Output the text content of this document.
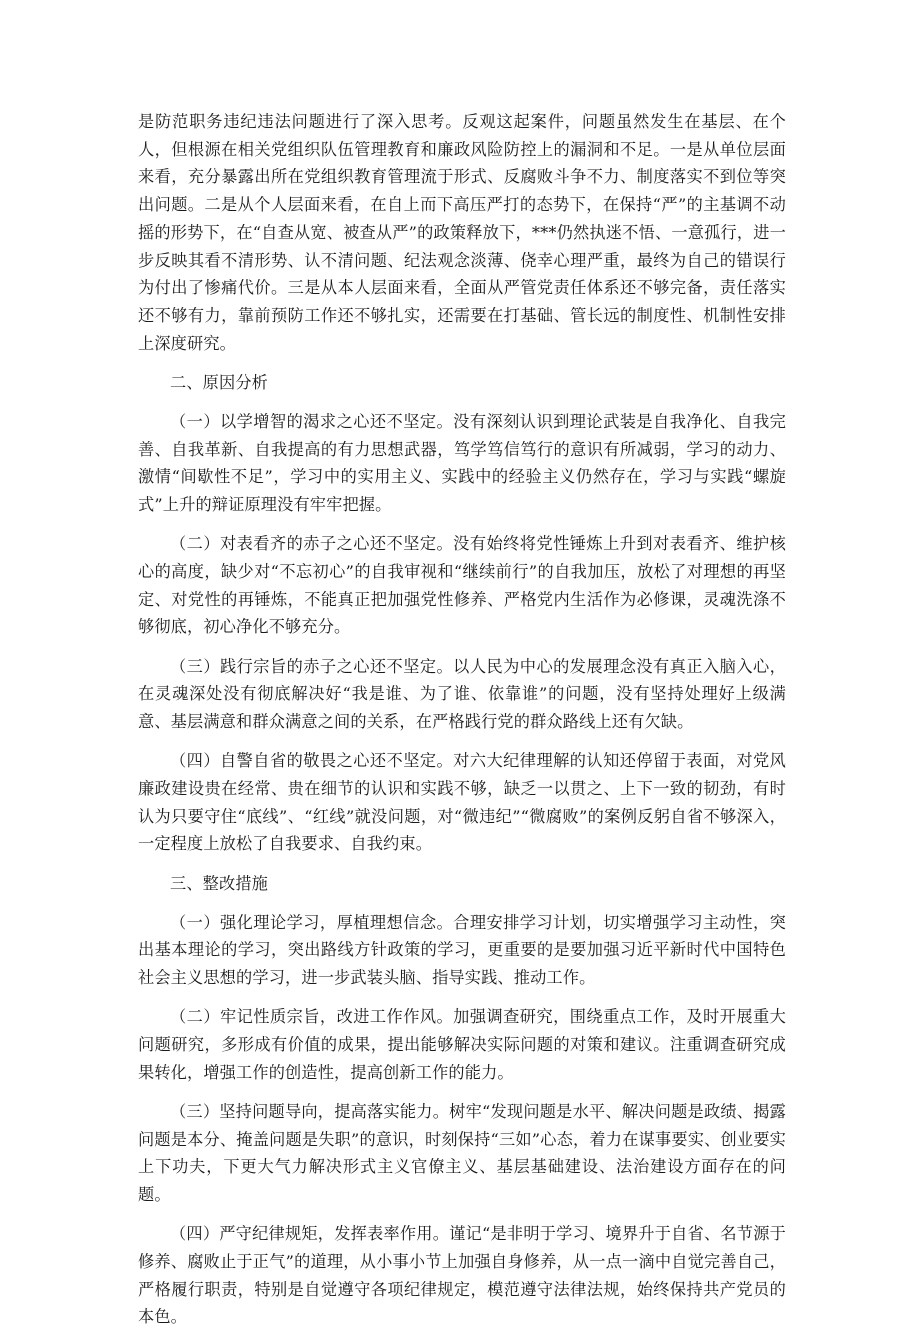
是防范职务违纪违法问题进行了深入思考。反观这起案件，问题虽然发生在基层、在个人，但根源在相关党组织队伍管理教育和廉政风险防控上的漏洞和不足。一是从单位层面来看，充分暴露出所在党组织教育管理流于形式、反腐败斗争不力、制度落实不到位等突出问题。二是从个人层面来看，在自上而下高压严打的态势下，在保持“严”的主基调不动摇的形势下，在“自查从宽、被查从严”的政策释放下，***仍然执迷不悟、一意孤行，进一步反映其看不清形势、认不清问题、纪法观念淡薄、侥幸心理严重，最终为自己的错误行为付出了惨痛代价。三是从本人层面来看，全面从严管党责任体系还不够完备，责任落实还不够有力，靠前预防工作还不够扎实，还需要在打基础、管长远的制度性、机制性安排上深度研究。

二、原因分析

（一）以学增智的渴求之心还不坚定。没有深刻认识到理论武装是自我净化、自我完善、自我革新、自我提高的有力思想武器，笃学笃信笃行的意识有所减弱，学习的动力、激情“间歇性不足”，学习中的实用主义、实践中的经验主义仍然存在，学习与实践“螺旋式”上升的辩证原理没有牢牢把握。

（二）对表看齐的赤子之心还不坚定。没有始终将党性锤炼上升到对表看齐、维护核心的高度，缺少对“不忘初心”的自我审视和“继续前行”的自我加压，放松了对理想的再坚定、对党性的再锤炼，不能真正把加强党性修养、严格党内生活作为必修课，灵魂洗涤不够彻底，初心净化不够充分。

（三）践行宗旨的赤子之心还不坚定。以人民为中心的发展理念没有真正入脑入心，在灵魂深处没有彻底解决好“我是谁、为了谁、依靠谁”的问题，没有坚持处理好上级满意、基层满意和群众满意之间的关系，在严格践行党的群众路线上还有欠缺。

（四）自警自省的敬畏之心还不坚定。对六大纪律理解的认知还停留于表面，对党风廉政建设贵在经常、贵在细节的认识和实践不够，缺乏一以贯之、上下一致的韧劲，有时认为只要守住“底线”、“红线”就没问题，对“微违纪”“微腐败”的案例反躬自省不够深入，一定程度上放松了自我要求、自我约束。

三、整改措施

（一）强化理论学习，厚植理想信念。合理安排学习计划，切实增强学习主动性，突出基本理论的学习，突出路线方针政策的学习，更重要的是要加强习近平新时代中国特色社会主义思想的学习，进一步武装头脑、指导实践、推动工作。

（二）牢记性质宗旨，改进工作作风。加强调查研究，围绕重点工作，及时开展重大问题研究，多形成有价值的成果，提出能够解决实际问题的对策和建议。注重调查研究成果转化，增强工作的创造性，提高创新工作的能力。

（三）坚持问题导向，提高落实能力。树牢“发现问题是水平、解决问题是政绩、揭露问题是本分、掩盖问题是失职”的意识，时刻保持“三如”心态，着力在谋事要实、创业要实上下功夫，下更大气力解决形式主义官僚主义、基层基础建设、法治建设方面存在的问题。

（四）严守纪律规矩，发挥表率作用。谨记“是非明于学习、境界升于自省、名节源于修养、腐败止于正气”的道理，从小事小节上加强自身修养，从一点一滴中自觉完善自己，严格履行职责，特别是自觉遵守各项纪律规定，模范遵守法律法规，始终保持共产党员的本色。
